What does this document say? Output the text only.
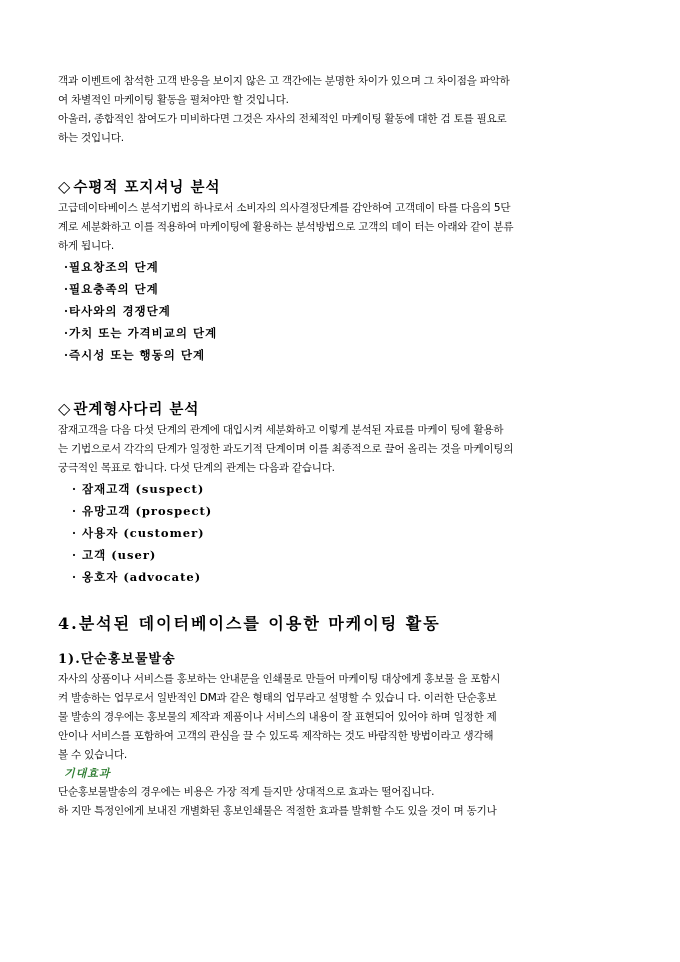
객과 이벤트에 참석한 고객 반응을 보이지 않은 고 객간에는 분명한 차이가 있으며 그 차이점을 파악하

여 차별적인 마케이팅 활동을 펼쳐야만 할 것입니다.

아울러, 종합적인 참여도가 미비하다면 그것은 자사의 전체적인 마케이팅 활동에 대한 검 토를 필요로

하는 것입니다.

◇ 수평적 포지셔닝 분석

고급데이타베이스 분석기법의 하나로서 소비자의 의사결정단계를 감안하여 고객데이 타를 다음의 5단

계로 세분화하고 이를 적용하여 마케이팅에 활용하는 분석방법으로 고객의 데이 터는 아래와 같이 분류

하게 됩니다.

·필요창조의 단계
·필요충족의 단계
·타사와의 경쟁단계
·가치 또는 가격비교의 단계
·즉시성 또는 행동의 단계
◇ 관계형사다리 분석

잠재고객을 다음 다섯 단계의 관계에 대입시켜 세분화하고 이렇게 분석된 자료를 마케이 팅에 활용하

는 기법으로서 각각의 단계가 일정한 과도기적 단계이며 이를 최종적으로 끌어 올리는 것을 마케이팅의

궁극적인 목표로 합니다. 다섯 단계의 관계는 다음과 같습니다.

· 잠재고객 (suspect)
· 유망고객 (prospect)
· 사용자 (customer)
· 고객 (user)
· 옹호자 (advocate)
4.분석된 데이터베이스를 이용한 마케이팅 활동
1).단순홍보물발송

자사의 상품이나 서비스를 홍보하는 안내문을 인쇄물로 만들어 마케이팅 대상에게 홍보물 을 포함시

켜 발송하는 업무로서 일반적인 DM과 같은 형태의 업무라고 설명할 수 있습니 다. 이러한 단순홍보

물 발송의 경우에는 홍보물의 제작과 제품이나 서비스의 내용이 잘 표현되어 있어야 하며 일정한 제

안이나 서비스를 포함하여 고객의 관심을 끌 수 있도록 제작하는 것도 바람직한 방법이라고 생각해

볼 수 있습니다.

기대효과

단순홍보물발송의 경우에는 비용은 가장 적게 들지만 상대적으로 효과는 떨어집니다.

하 지만 특정인에게 보내진 개별화된 홍보인쇄물은 적절한 효과를 발휘할 수도 있을 것이 며 동기나
